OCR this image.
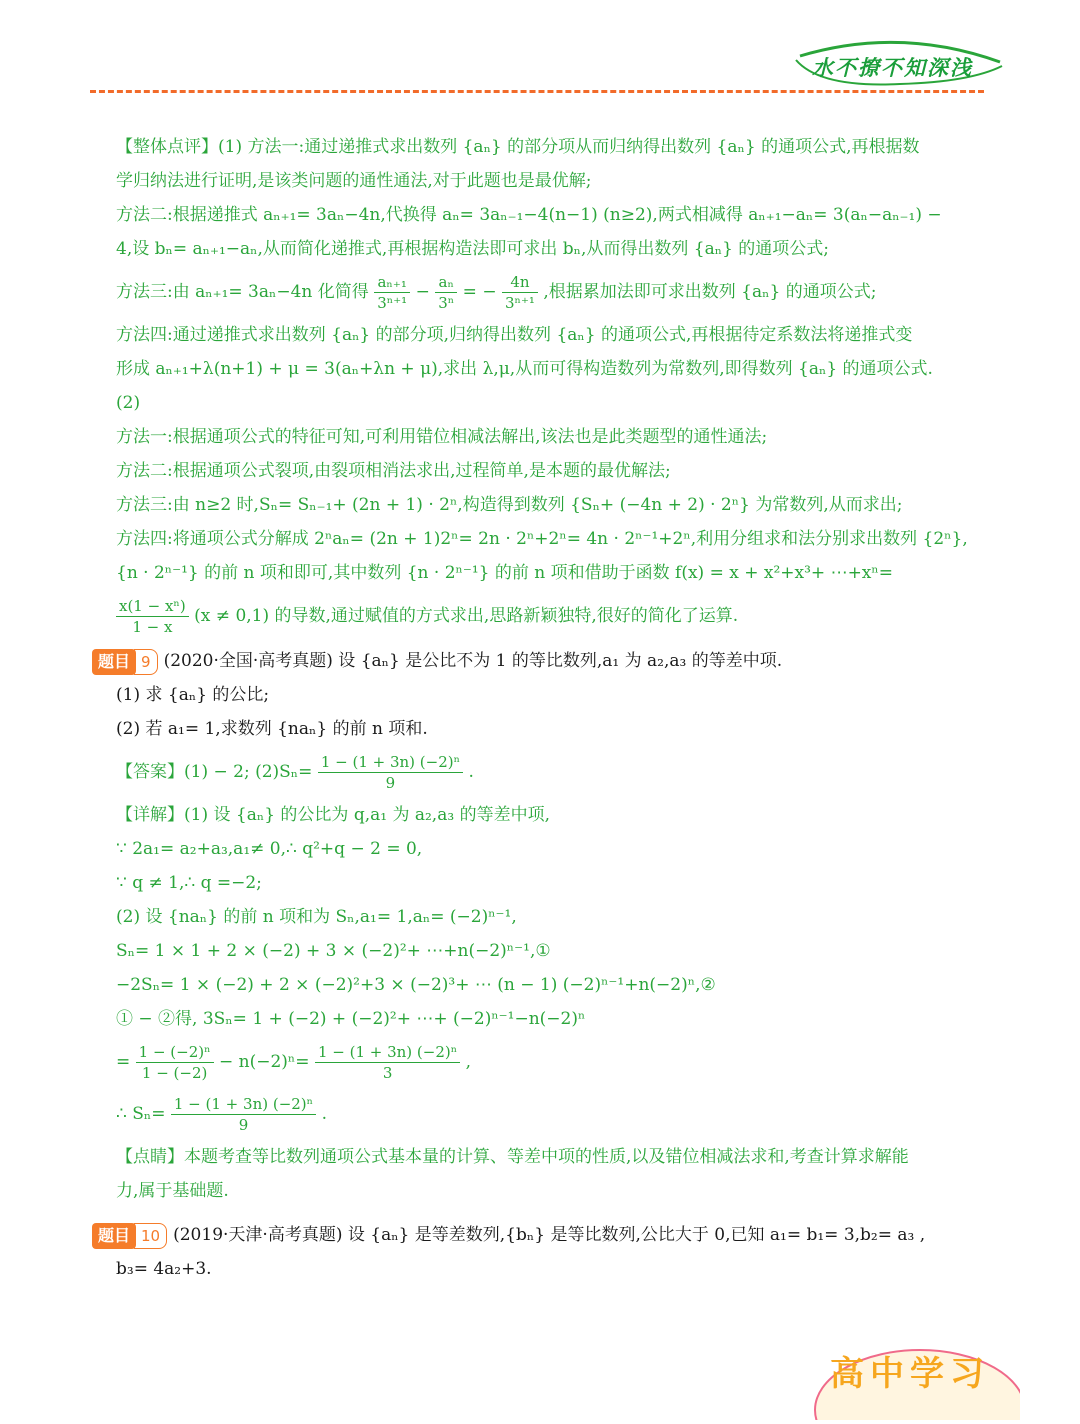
水不撩不知深浅
【整体点评】(1) 方法一:通过递推式求出数列 {aₙ} 的部分项从而归纳得出数列 {aₙ} 的通项公式,再根据数
学归纳法进行证明,是该类问题的通性通法,对于此题也是最优解;
方法二:根据递推式 aₙ₊₁= 3aₙ−4n,代换得 aₙ= 3aₙ₋₁−4(n−1) (n≥2),两式相减得 aₙ₊₁−aₙ= 3(aₙ−aₙ₋₁) −
4,设 bₙ= aₙ₊₁−aₙ,从而简化递推式,再根据构造法即可求出 bₙ,从而得出数列 {aₙ} 的通项公式;
方法三:由 aₙ₊₁= 3aₙ−4n 化简得 $\frac{\text{aₙ₊₁}}{\text{3ⁿ⁺¹}} - \frac{\text{aₙ}}{\text{3ⁿ}}$ = − $\frac{4n}{\text{3ⁿ⁺¹}}$ ,根据累加法即可求出数列 {aₙ} 的通项公式;
方法四:通过递推式求出数列 {aₙ} 的部分项,归纳得出数列 {aₙ} 的通项公式,再根据待定系数法将递推式变
形成 aₙ₊₁+λ(n+1) + μ = 3(aₙ+λn + μ),求出 λ,μ,从而可得构造数列为常数列,即得数列 {aₙ} 的通项公式.
(2)
方法一:根据通项公式的特征可知,可利用错位相减法解出,该法也是此类题型的通性通法;
方法二:根据通项公式裂项,由裂项相消法求出,过程简单,是本题的最优解法;
方法三:由 n≥2 时,Sₙ= Sₙ₋₁+ (2n + 1) · 2ⁿ,构造得到数列 {Sₙ+ (−4n + 2) · 2ⁿ} 为常数列,从而求出;
方法四:将通项公式分解成 2ⁿaₙ= (2n + 1)2ⁿ= 2n · 2ⁿ+2ⁿ= 4n · 2ⁿ⁻¹+2ⁿ,利用分组求和法分别求出数列 {2ⁿ},
{n · 2ⁿ⁻¹} 的前 n 项和即可,其中数列 {n · 2ⁿ⁻¹} 的前 n 项和借助于函数 f(x) = x + x²+x³+ ⋯+xⁿ=
$\frac{\text{x(1 − xⁿ)}}{1 - x} (x \ne 0,1)$ 的导数,通过赋值的方式求出,思路新颖独特,很好的简化了运算.
题目 9 (2020·全国·高考真题) 设 {aₙ} 是公比不为 1 的等比数列,a₁ 为 a₂,a₃ 的等差中项.
(1) 求 {aₙ} 的公比;
(2) 若 a₁= 1,求数列 {naₙ} 的前 n 项和.
【答案】(1) − 2; $(2)S_n= \frac{\text{1 − (1 + 3n) (−2)ⁿ}}{9}$ .
【详解】(1) 设 {aₙ} 的公比为 q,a₁ 为 a₂,a₃ 的等差中项,
∵ 2a₁= a₂+a₃,a₁≠ 0,∴ q²+q − 2 = 0,
∵ q ≠ 1,∴ q =−2;
(2) 设 {naₙ} 的前 n 项和为 Sₙ,a₁= 1,aₙ= (−2)ⁿ⁻¹,
Sₙ= 1 × 1 + 2 × (−2) + 3 × (−2)²+ ⋯+n(−2)ⁿ⁻¹,①
−2Sₙ= 1 × (−2) + 2 × (−2)²+3 × (−2)³+ ⋯ (n − 1) (−2)ⁿ⁻¹+n(−2)ⁿ,②
① − ②得, 3Sₙ= 1 + (−2) + (−2)²+ ⋯+ (−2)ⁿ⁻¹−n(−2)ⁿ
= $\frac{\text{1 − (−2)ⁿ}}{1 - (-2)} - n(-2)^n= \frac{\text{1 − (1 + 3n) (−2)ⁿ}}{3}$ ,
∴ $S_n= \frac{\text{1 − (1 + 3n) (−2)ⁿ}}{9}$ .
【点睛】本题考查等比数列通项公式基本量的计算、等差中项的性质,以及错位相减法求和,考查计算求解能
力,属于基础题.
题目 10 (2019·天津·高考真题) 设 {aₙ} 是等差数列,{bₙ} 是等比数列,公比大于 0,已知 a₁= b₁= 3,b₂= a₃ ,
b₃= 4a₂+3.
高中学习
